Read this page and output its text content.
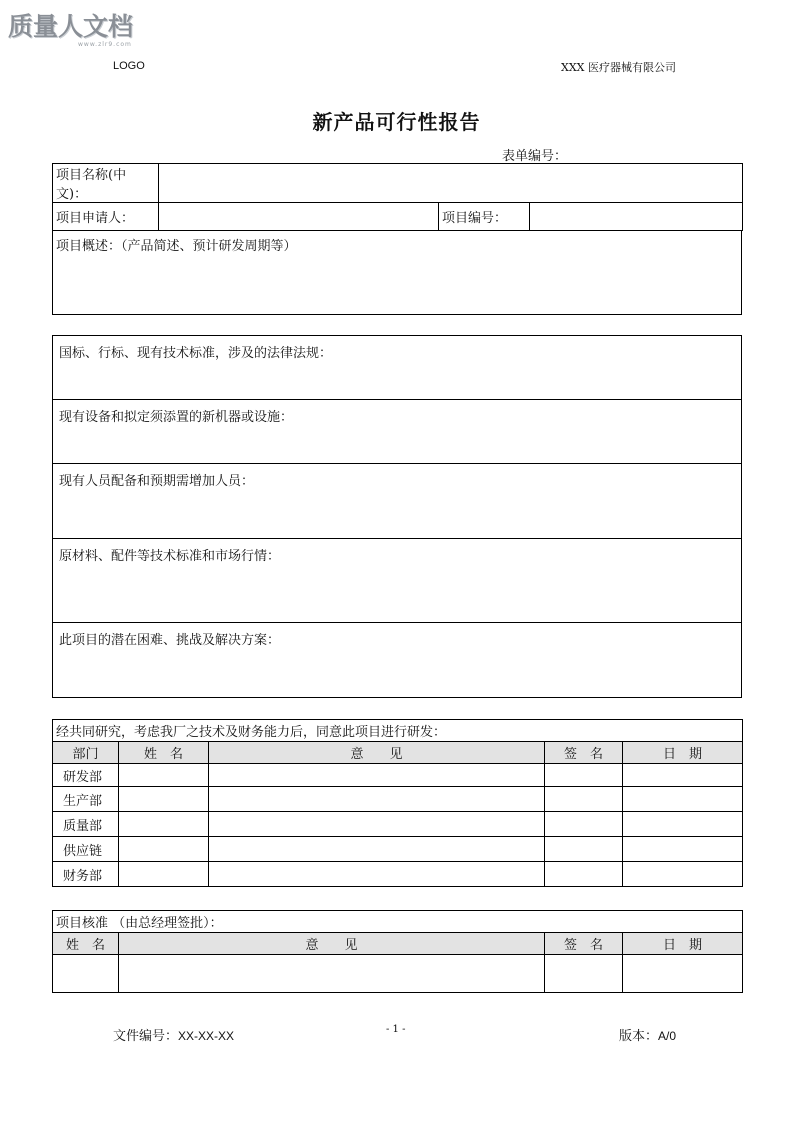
质量人文档
www.zlr9.com
LOGO	XXX 医疗器械有限公司
新产品可行性报告
表单编号：
项目名称(中文)：			
项目申请人：		项目编号：	
项目概述：（产品简述、预计研发周期等）
国标、行标、现有技术标准，涉及的法律法规：
现有设备和拟定须添置的新机器或设施：
现有人员配备和预期需增加人员：
原材料、配件等技术标准和市场行情：
此项目的潜在困难、挑战及解决方案：
经共同研究，考虑我厂之技术及财务能力后，同意此项目进行研发：				
部门	姓　名	意　　见	签　名	日　期
研发部				
生产部				
质量部				
供应链				
财务部				
项目核准 （由总经理签批）：			
姓　名	意　　见	签　名	日　期

文件编号：XX-XX-XX	- 1 -	版本：A/0
